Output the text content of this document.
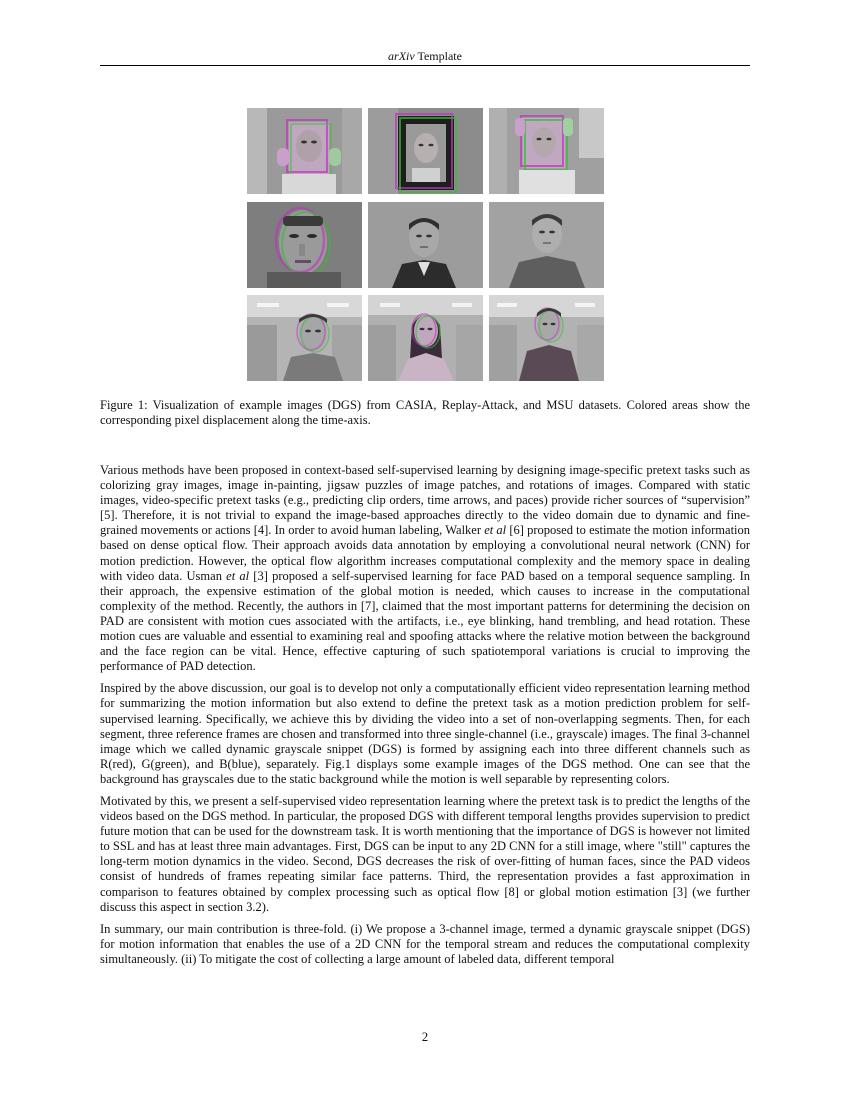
arXiv Template
Figure 1: Visualization of example images (DGS) from CASIA, Replay-Attack, and MSU datasets. Colored areas show the corresponding pixel displacement along the time-axis.

Various methods have been proposed in context-based self-supervised learning by designing image-specific pretext tasks such as colorizing gray images, image in-painting, jigsaw puzzles of image patches, and rotations of images. Compared with static images, video-specific pretext tasks (e.g., predicting clip orders, time arrows, and paces) provide richer sources of “supervision” [5]. Therefore, it is not trivial to expand the image-based approaches directly to the video domain due to dynamic and fine-grained movements or actions [4]. In order to avoid human labeling, Walker et al [6] proposed to estimate the motion information based on dense optical flow. Their approach avoids data annotation by employing a convolutional neural network (CNN) for motion prediction. However, the optical flow algorithm increases computational complexity and the memory space in dealing with video data. Usman et al [3] proposed a self-supervised learning for face PAD based on a temporal sequence sampling. In their approach, the expensive estimation of the global motion is needed, which causes to increase in the computational complexity of the method. Recently, the authors in [7], claimed that the most important patterns for determining the decision on PAD are consistent with motion cues associated with the artifacts, i.e., eye blinking, hand trembling, and head rotation. These motion cues are valuable and essential to examining real and spoofing attacks where the relative motion between the background and the face region can be vital. Hence, effective capturing of such spatiotemporal variations is crucial to improving the performance of PAD detection.

Inspired by the above discussion, our goal is to develop not only a computationally efficient video representation learning method for summarizing the motion information but also extend to define the pretext task as a motion prediction problem for self-supervised learning. Specifically, we achieve this by dividing the video into a set of non-overlapping segments. Then, for each segment, three reference frames are chosen and transformed into three single-channel (i.e., grayscale) images. The final 3-channel image which we called dynamic grayscale snippet (DGS) is formed by assigning each into three different channels such as R(red), G(green), and B(blue), separately. Fig.1 displays some example images of the DGS method. One can see that the background has grayscales due to the static background while the motion is well separable by representing colors.

Motivated by this, we present a self-supervised video representation learning where the pretext task is to predict the lengths of the videos based on the DGS method. In particular, the proposed DGS with different temporal lengths provides supervision to predict future motion that can be used for the downstream task. It is worth mentioning that the importance of DGS is however not limited to SSL and has at least three main advantages. First, DGS can be input to any 2D CNN for a still image, where "still" captures the long-term motion dynamics in the video. Second, DGS decreases the risk of over-fitting of human faces, since the PAD videos consist of hundreds of frames repeating similar face patterns. Third, the representation provides a fast approximation in comparison to features obtained by complex processing such as optical flow [8] or global motion estimation [3] (we further discuss this aspect in section 3.2).

In summary, our main contribution is three-fold. (i) We propose a 3-channel image, termed a dynamic grayscale snippet (DGS) for motion information that enables the use of a 2D CNN for the temporal stream and reduces the computational complexity simultaneously. (ii) To mitigate the cost of collecting a large amount of labeled data, different temporal

2
